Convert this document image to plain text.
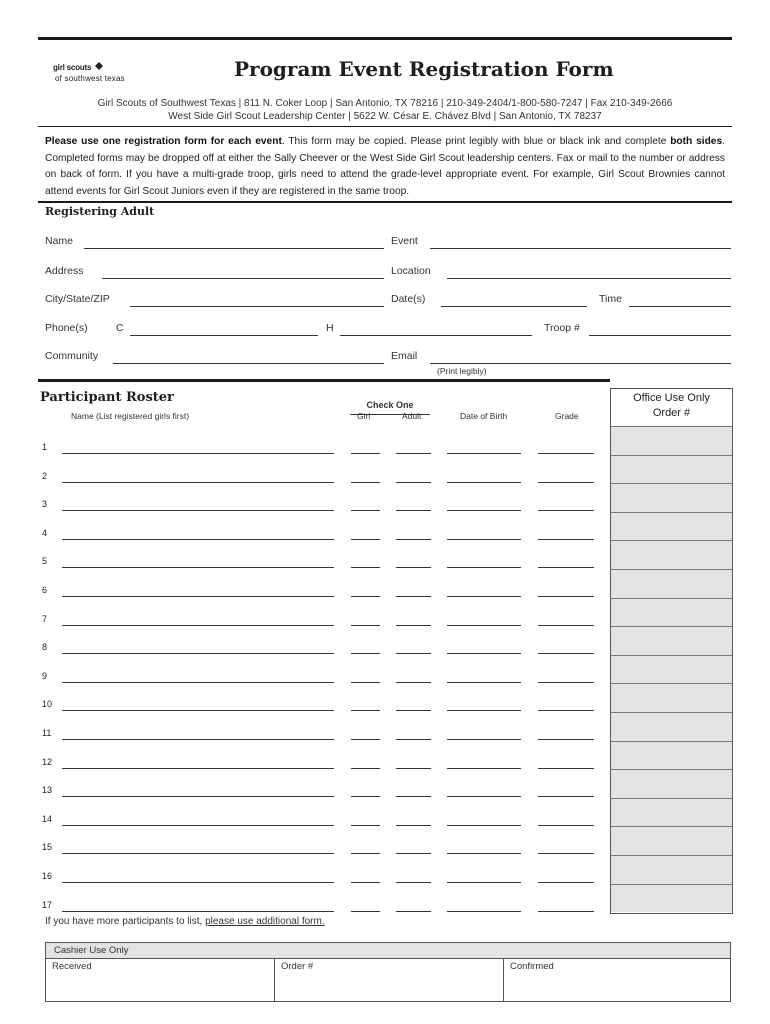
girl scouts
of southwest texas	Program Event Registration Form
Girl Scouts of Southwest Texas | 811 N. Coker Loop | San Antonio, TX 78216 | 210-349-2404/1-800-580-7247 | Fax 210-349-2666
West Side Girl Scout Leadership Center | 5622 W. César E. Chávez Blvd | San Antonio, TX 78237
Please use one registration form for each event. This form may be copied. Please print legibly with blue or black ink and complete both sides. Completed forms may be dropped off at either the Sally Cheever or the West Side Girl Scout leadership centers. Fax or mail to the number or address on back of form. If you have a multi-grade troop, girls need to attend the grade-level appropriate event. For example, Girl Scout Brownies cannot attend events for Girl Scout Juniors even if they are registered in the same troop.
Registering Adult
Name	Event
Address	Location
City/State/ZIP	Date(s)	Time
Phone(s)	C	H	Troop #
Community	Email
(Print legibly)
Participant Roster
Name (List registered girls first)
Check One
Girl	Adult	Date of Birth	Grade
1
2
3
4
5
6
7
8
9
10
11
12
13
14
15
16
17
If you have more participants to list, please use additional form.
Office Use Only
Order #
Cashier Use Only
Received	Order #	Confirmed
